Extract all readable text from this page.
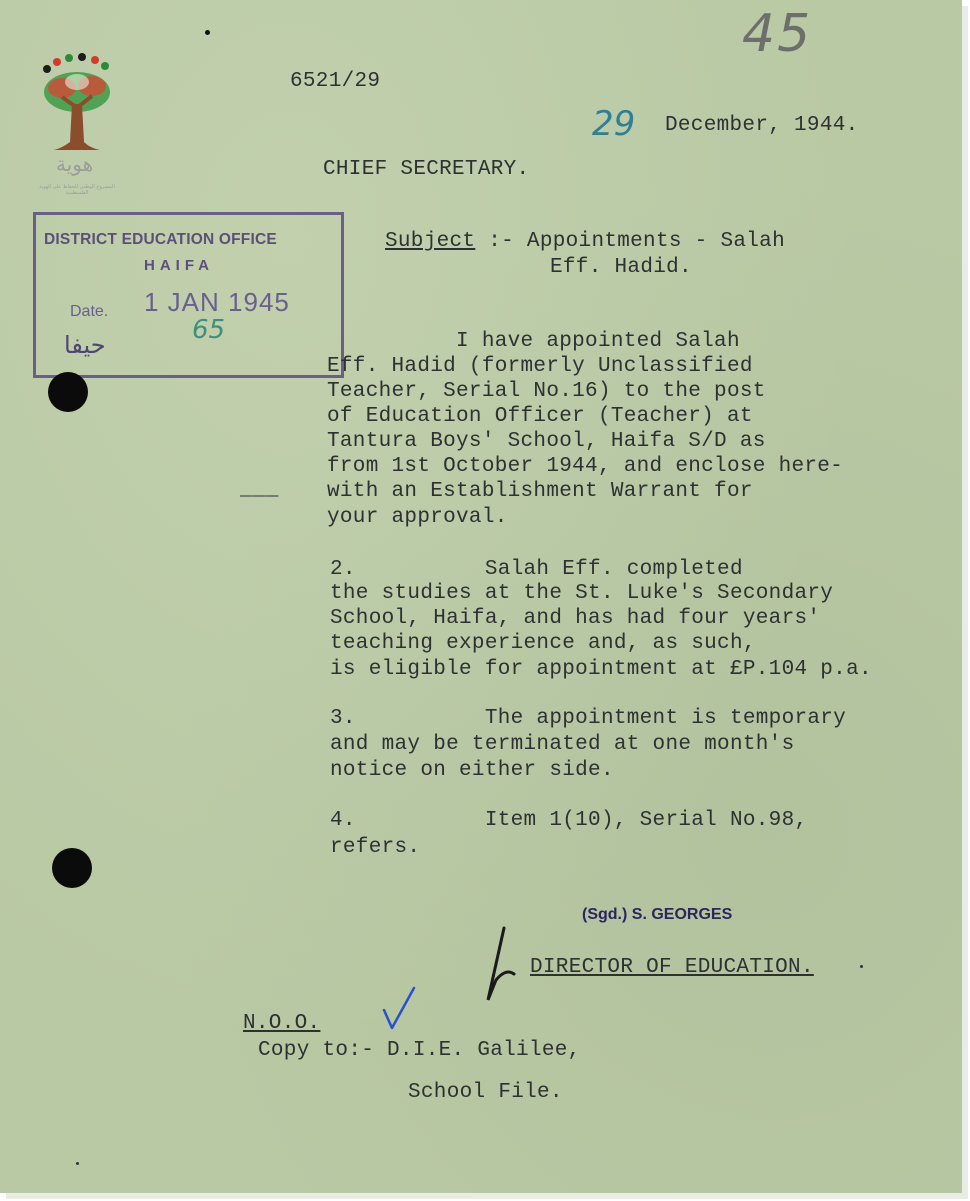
هوية
المشروع الوطني للحفاظ على الهوية الفلسطينية
45
6521/29
29 December, 1944.
CHIEF SECRETARY.
DISTRICT EDUCATION OFFICE
HAIFA
Date. 1 JAN 1945
65
حيفا
Subject :- Appointments - Salah
Eff. Hadid.
I have appointed Salah
Eff. Hadid (formerly Unclassified
Teacher, Serial No.16) to the post
of Education Officer (Teacher) at
Tantura Boys' School, Haifa S/D as
from 1st October 1944, and enclose here-
with an Establishment Warrant for
your approval.
___
2.          Salah Eff. completed
the studies at the St. Luke's Secondary
School, Haifa, and has had four years'
teaching experience and, as such,
is eligible for appointment at £P.104 p.a.
3.          The appointment is temporary
and may be terminated at one month's
notice on either side.
4.          Item 1(10), Serial No.98,
refers.
(Sgd.) S. GEORGES
DIRECTOR OF EDUCATION.
N.O.O.
Copy to:- D.I.E. Galilee,
School File.
